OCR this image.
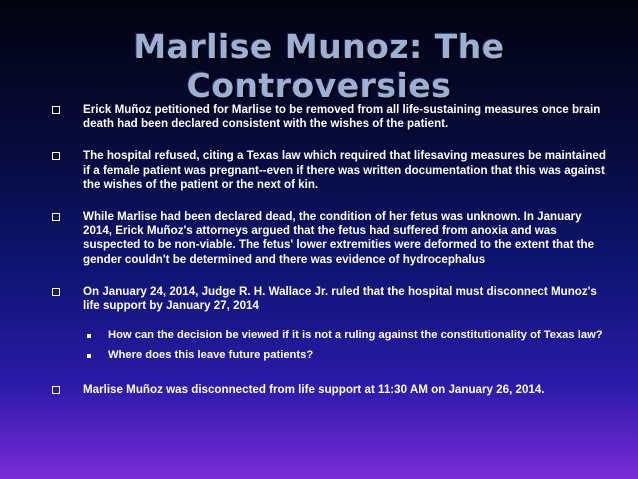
Marlise Munoz: The Controversies
Erick Muñoz petitioned for Marlise to be removed from all life-sustaining measures once brain death had been declared consistent with the wishes of the patient.
The hospital refused, citing a Texas law which required that lifesaving measures be maintained if a female patient was pregnant--even if there was written documentation that this was against the wishes of the patient or the next of kin.
While Marlise had been declared dead, the condition of her fetus was unknown. In January 2014, Erick Muñoz's attorneys argued that the fetus had suffered from anoxia and was suspected to be non-viable. The fetus' lower extremities were deformed to the extent that the gender couldn't be determined and there was evidence of hydrocephalus
On January 24, 2014, Judge R. H. Wallace Jr. ruled that the hospital must disconnect Munoz's life support by January 27, 2014
How can the decision be viewed if it is not a ruling against the constitutionality of Texas law?
Where does this leave future patients?
Marlise Muñoz was disconnected from life support at 11:30 AM on January 26, 2014.
